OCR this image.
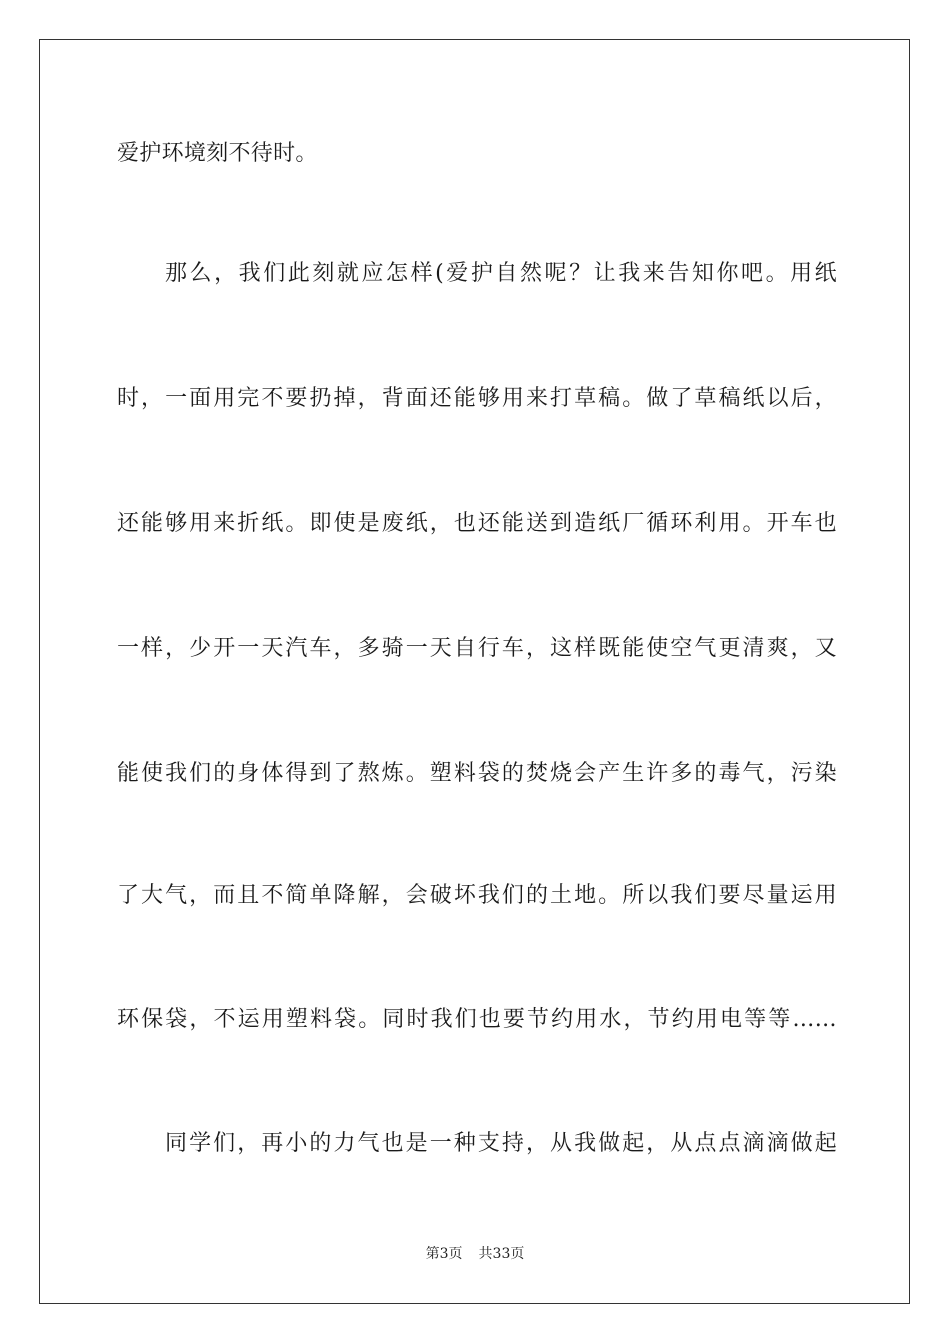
爱护环境刻不待时。
那么，我们此刻就应怎样(爱护自然呢？让我来告知你吧。用纸
时，一面用完不要扔掉，背面还能够用来打草稿。做了草稿纸以后，
还能够用来折纸。即使是废纸，也还能送到造纸厂循环利用。开车也
一样，少开一天汽车，多骑一天自行车，这样既能使空气更清爽，又
能使我们的身体得到了熬炼。塑料袋的焚烧会产生许多的毒气，污染
了大气，而且不简单降解，会破坏我们的土地。所以我们要尽量运用
环保袋，不运用塑料袋。同时我们也要节约用水，节约用电等等……
同学们，再小的力气也是一种支持，从我做起，从点点滴滴做起
第3页 共33页
